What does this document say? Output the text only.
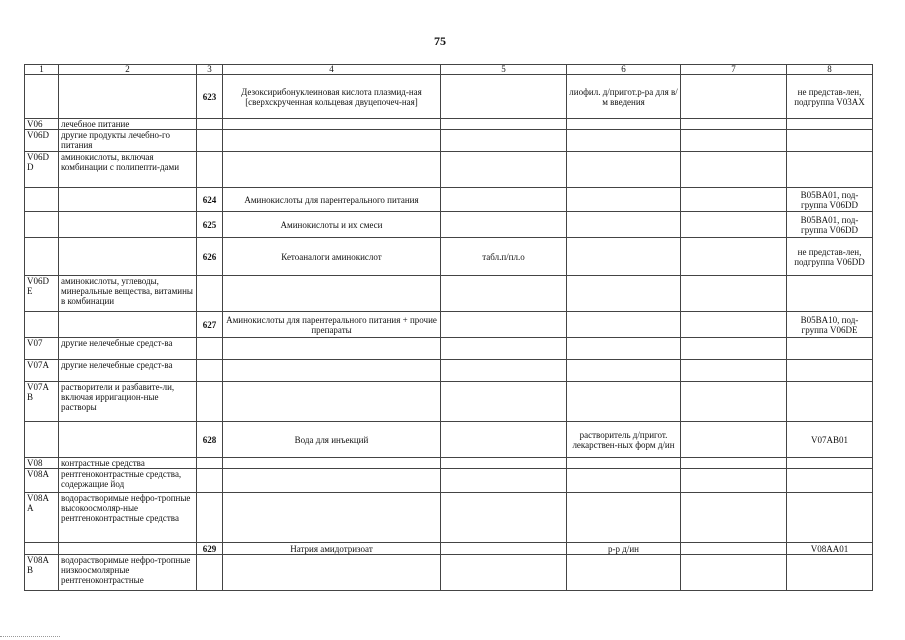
75
1	2	3	4	5	6	7	8
		623	Дезоксирибонуклеиновая кислота плазмид-ная [сверхскрученная кольцевая двуцепочеч-ная]		лиофил. д/пригот.р-ра для в/м введения		не представ-лен, подгруппа V03AX
V06	лечебное питание						
V06D	другие продукты лечебно-го питания						
V06D D	аминокислоты, включая комбинации с полипепти-дами						
		624	Аминокислоты для парентерального питания				B05BA01, под-группа V06DD
		625	Аминокислоты и их смеси				B05BA01, под-группа V06DD
		626	Кетоаналоги аминокислот	табл.п/пл.о			не представ-лен, подгруппа V06DD
V06D E	аминокислоты, углеводы, минеральные вещества, витамины в комбинации						
		627	Аминокислоты для парентерального питания + прочие препараты				B05BA10, под-группа V06DE
V07	другие нелечебные средст-ва						
V07A	другие нелечебные средст-ва						
V07A B	растворители и разбавите-ли, включая ирригацион-ные растворы						
		628	Вода для инъекций		растворитель д/пригот. лекарствен-ных форм д/ин		V07AB01
V08	контрастные средства						
V08A	рентгеноконтрастные средства, содержащие йод						
V08A A	водорастворимые нефро-тропные высокоосмоляр-ные рентгеноконтрастные средства						
		629	Натрия амидотризоат		р-р д/ин		V08AA01
V08A B	водорастворимые нефро-тропные низкоосмолярные рентгеноконтрастные						
